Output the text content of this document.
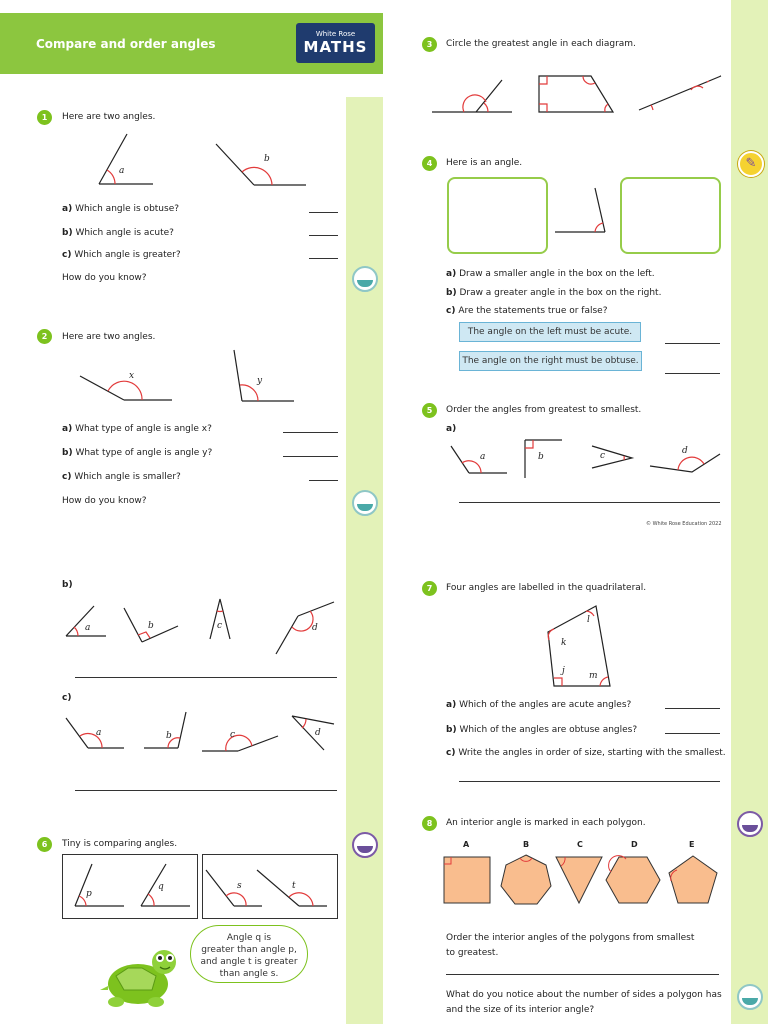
Compare and order angles
White Rose
MATHS
1	Here are two angles.
a
b
a) Which angle is obtuse?
b) Which angle is acute?
c) Which angle is greater?
How do you know?
2	Here are two angles.
x	y
a) What type of angle is angle x?
b) What type of angle is angle y?
c) Which angle is smaller?
How do you know?
b)
a	b	c	d
c)
a	b	c	d
6	Tiny is comparing angles.
p
q	s	t
Angle q is
greater than angle p,
and angle t is greater
than angle s.
3	Circle the greatest angle in each diagram.
4	Here is an angle.	✎
a) Draw a smaller angle in the box on the left.
b) Draw a greater angle in the box on the right.
c) Are the statements true or false?
The angle on the left must be acute.
The angle on the right must be obtuse.
5	Order the angles from greatest to smallest.
a)
a	b	c	d
© White Rose Education 2022
7	Four angles are labelled in the quadrilateral.
l
k
j	m
a) Which of the angles are acute angles?
b) Which of the angles are obtuse angles?
c) Write the angles in order of size, starting with the smallest.
8	An interior angle is marked in each polygon.
A	B	C	D	E
Order the interior angles of the polygons from smallest
to greatest.
What do you notice about the number of sides a polygon has
and the size of its interior angle?
